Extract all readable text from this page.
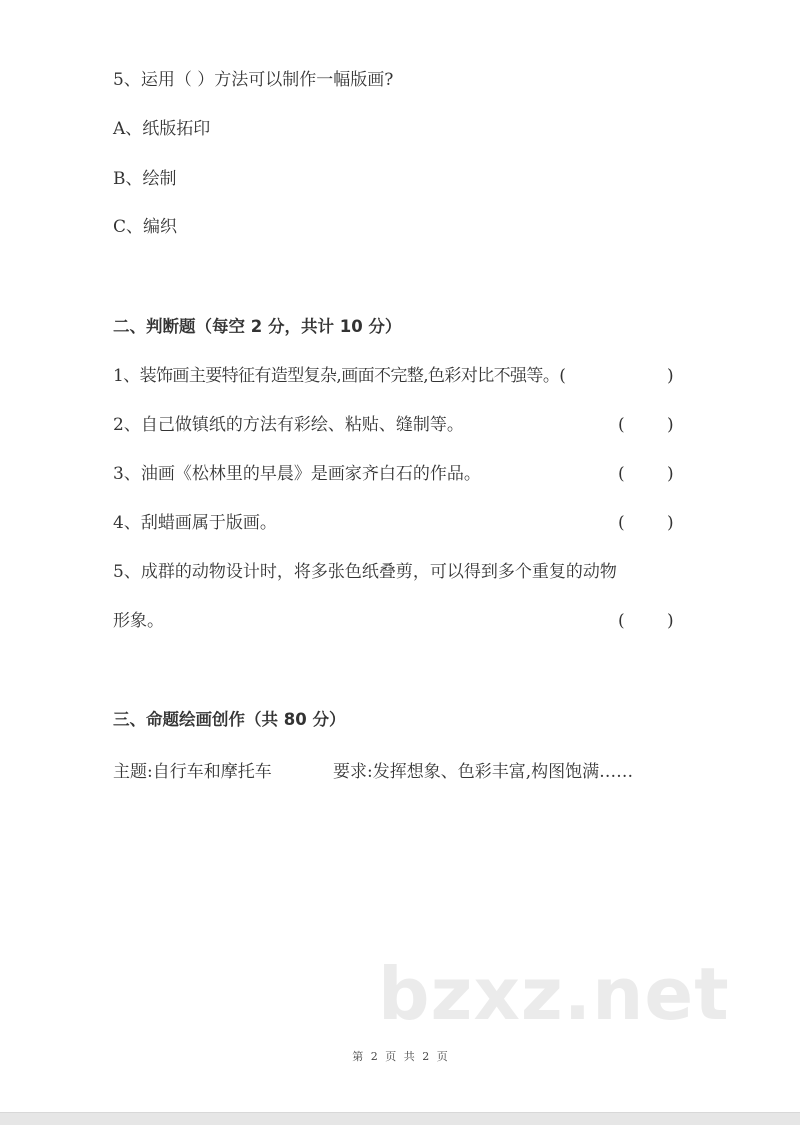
5、运用（ ）方法可以制作一幅版画?
A、纸版拓印
B、绘制
C、编织
二、判断题（每空 2 分，共计 10 分）
1、装饰画主要特征有造型复杂,画面不完整,色彩对比不强等。(	)
2、自己做镇纸的方法有彩绘、粘贴、缝制等。	( )
3、油画《松林里的早晨》是画家齐白石的作品。	( )
4、刮蜡画属于版画。	( )
5、成群的动物设计时，将多张色纸叠剪，可以得到多个重复的动物
形象。	( )
三、命题绘画创作（共 80 分）
主题:自行车和摩托车	要求:发挥想象、色彩丰富,构图饱满……
bzxz.net
第 2 页 共 2 页
